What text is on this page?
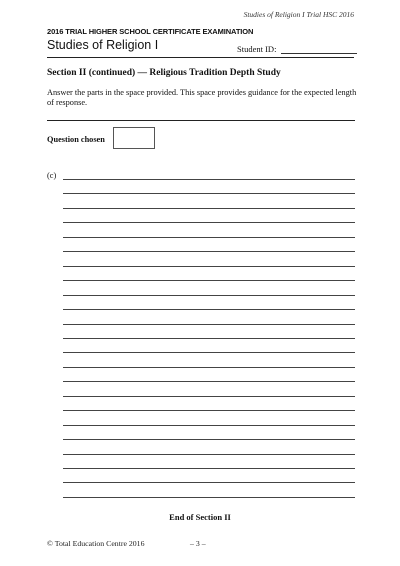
Studies of Religion I Trial HSC 2016
2016 TRIAL HIGHER SCHOOL CERTIFICATE EXAMINATION
Studies of Religion I	Student ID:
Section II (continued) — Religious Tradition Depth Study
Answer the parts in the space provided. This space provides guidance for the expected length of response.
Question chosen
(c)
End of Section II
© Total Education Centre 2016	– 3 –
